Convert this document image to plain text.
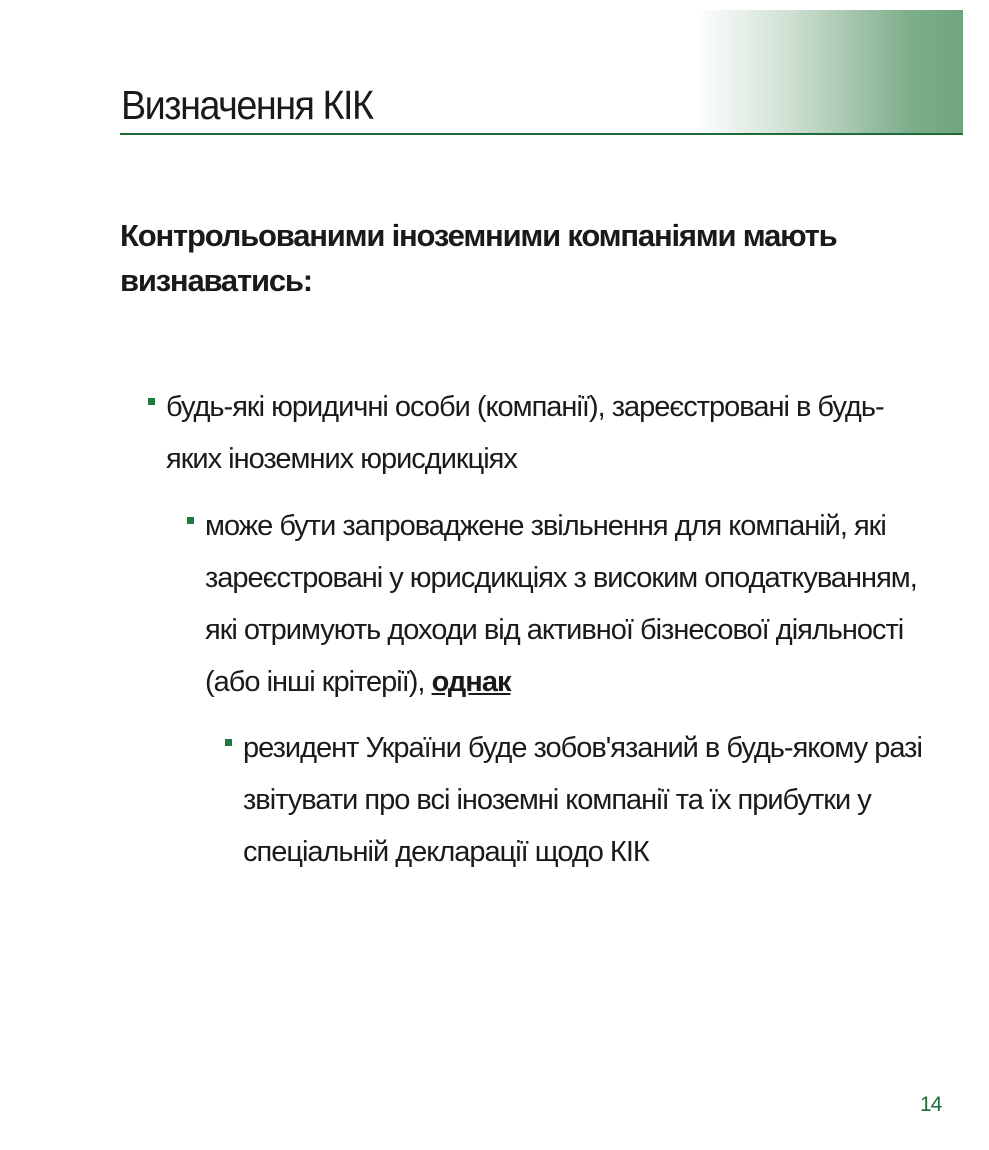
Визначення КІК

Контрольованими іноземними компаніями мають визнаватись:

будь-які юридичні особи (компанії), зареєстровані в будь-яких іноземних юрисдикціях
може бути запроваджене звільнення для компаній, які зареєстровані у юрисдикціях з високим оподаткуванням, які отримують доходи від активної бізнесової діяльності (або інші крітерії), однак
резидент України буде зобов'язаний в будь-якому разі звітувати про всі іноземні компанії та їх прибутки у спеціальній декларації щодо КІК
14
